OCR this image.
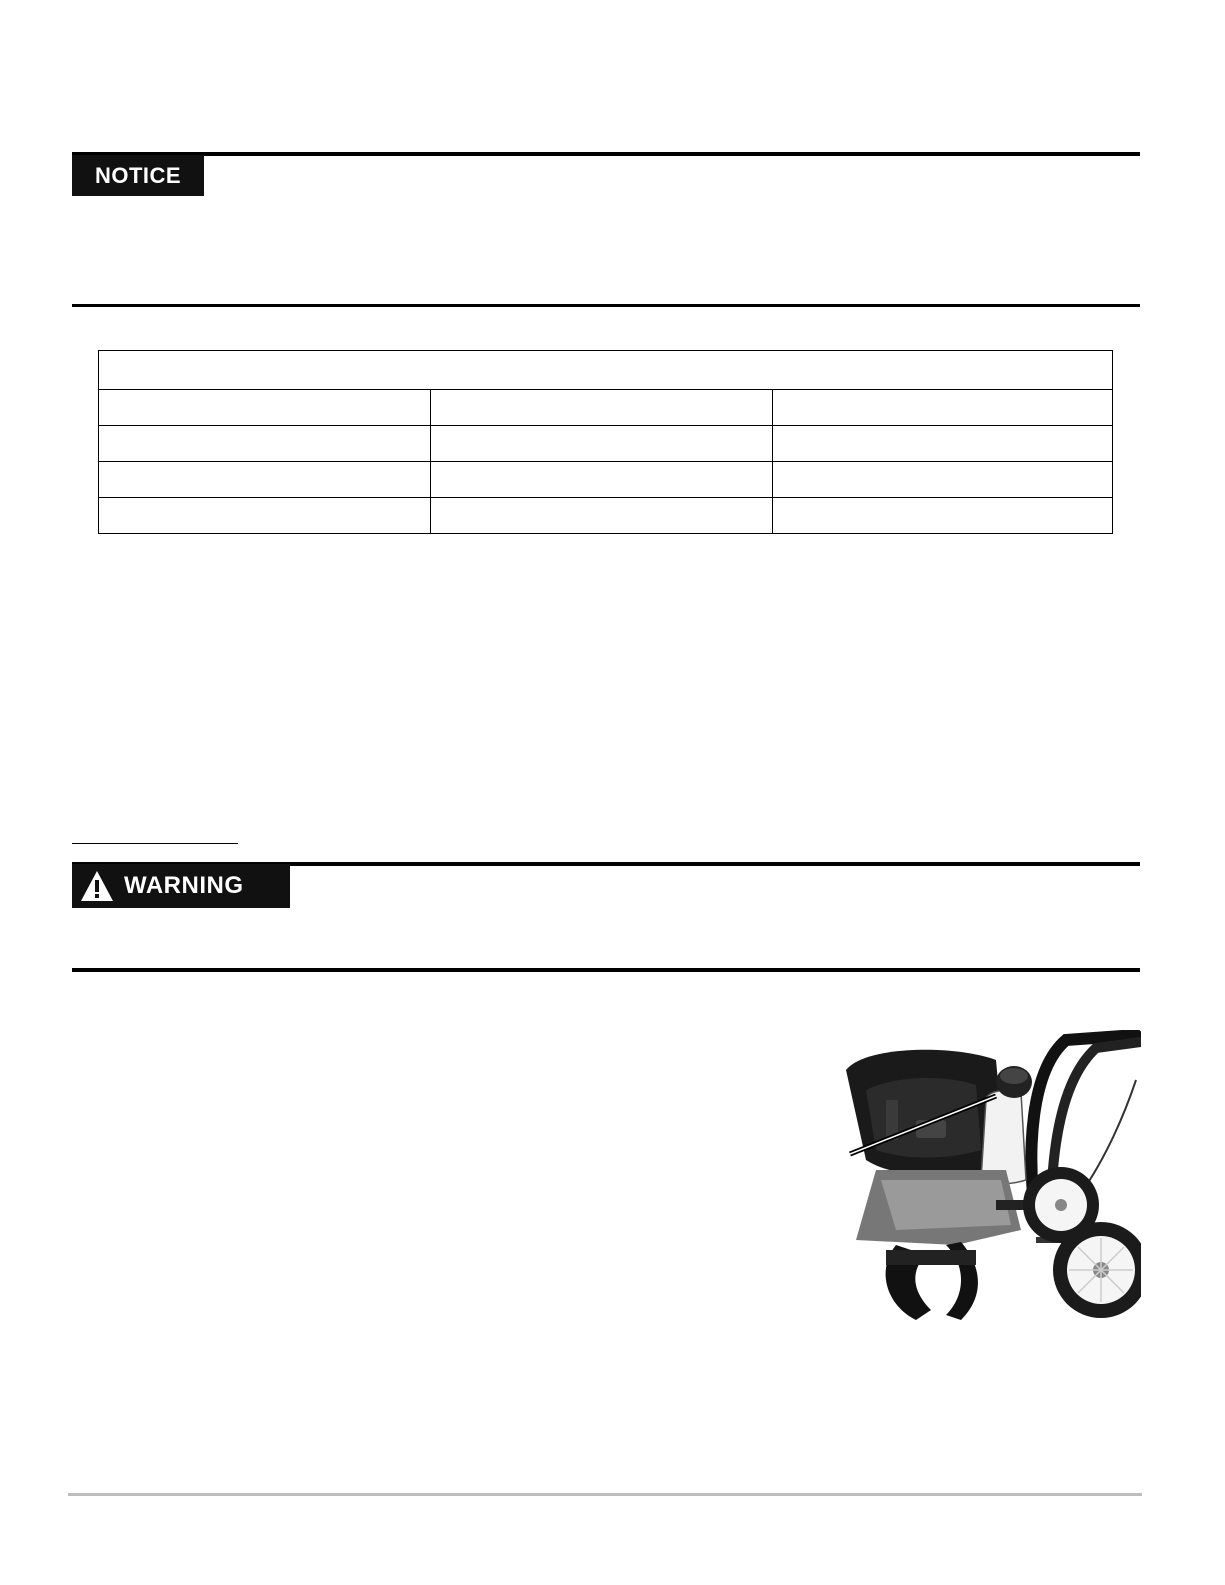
NOTICE

WARNING
